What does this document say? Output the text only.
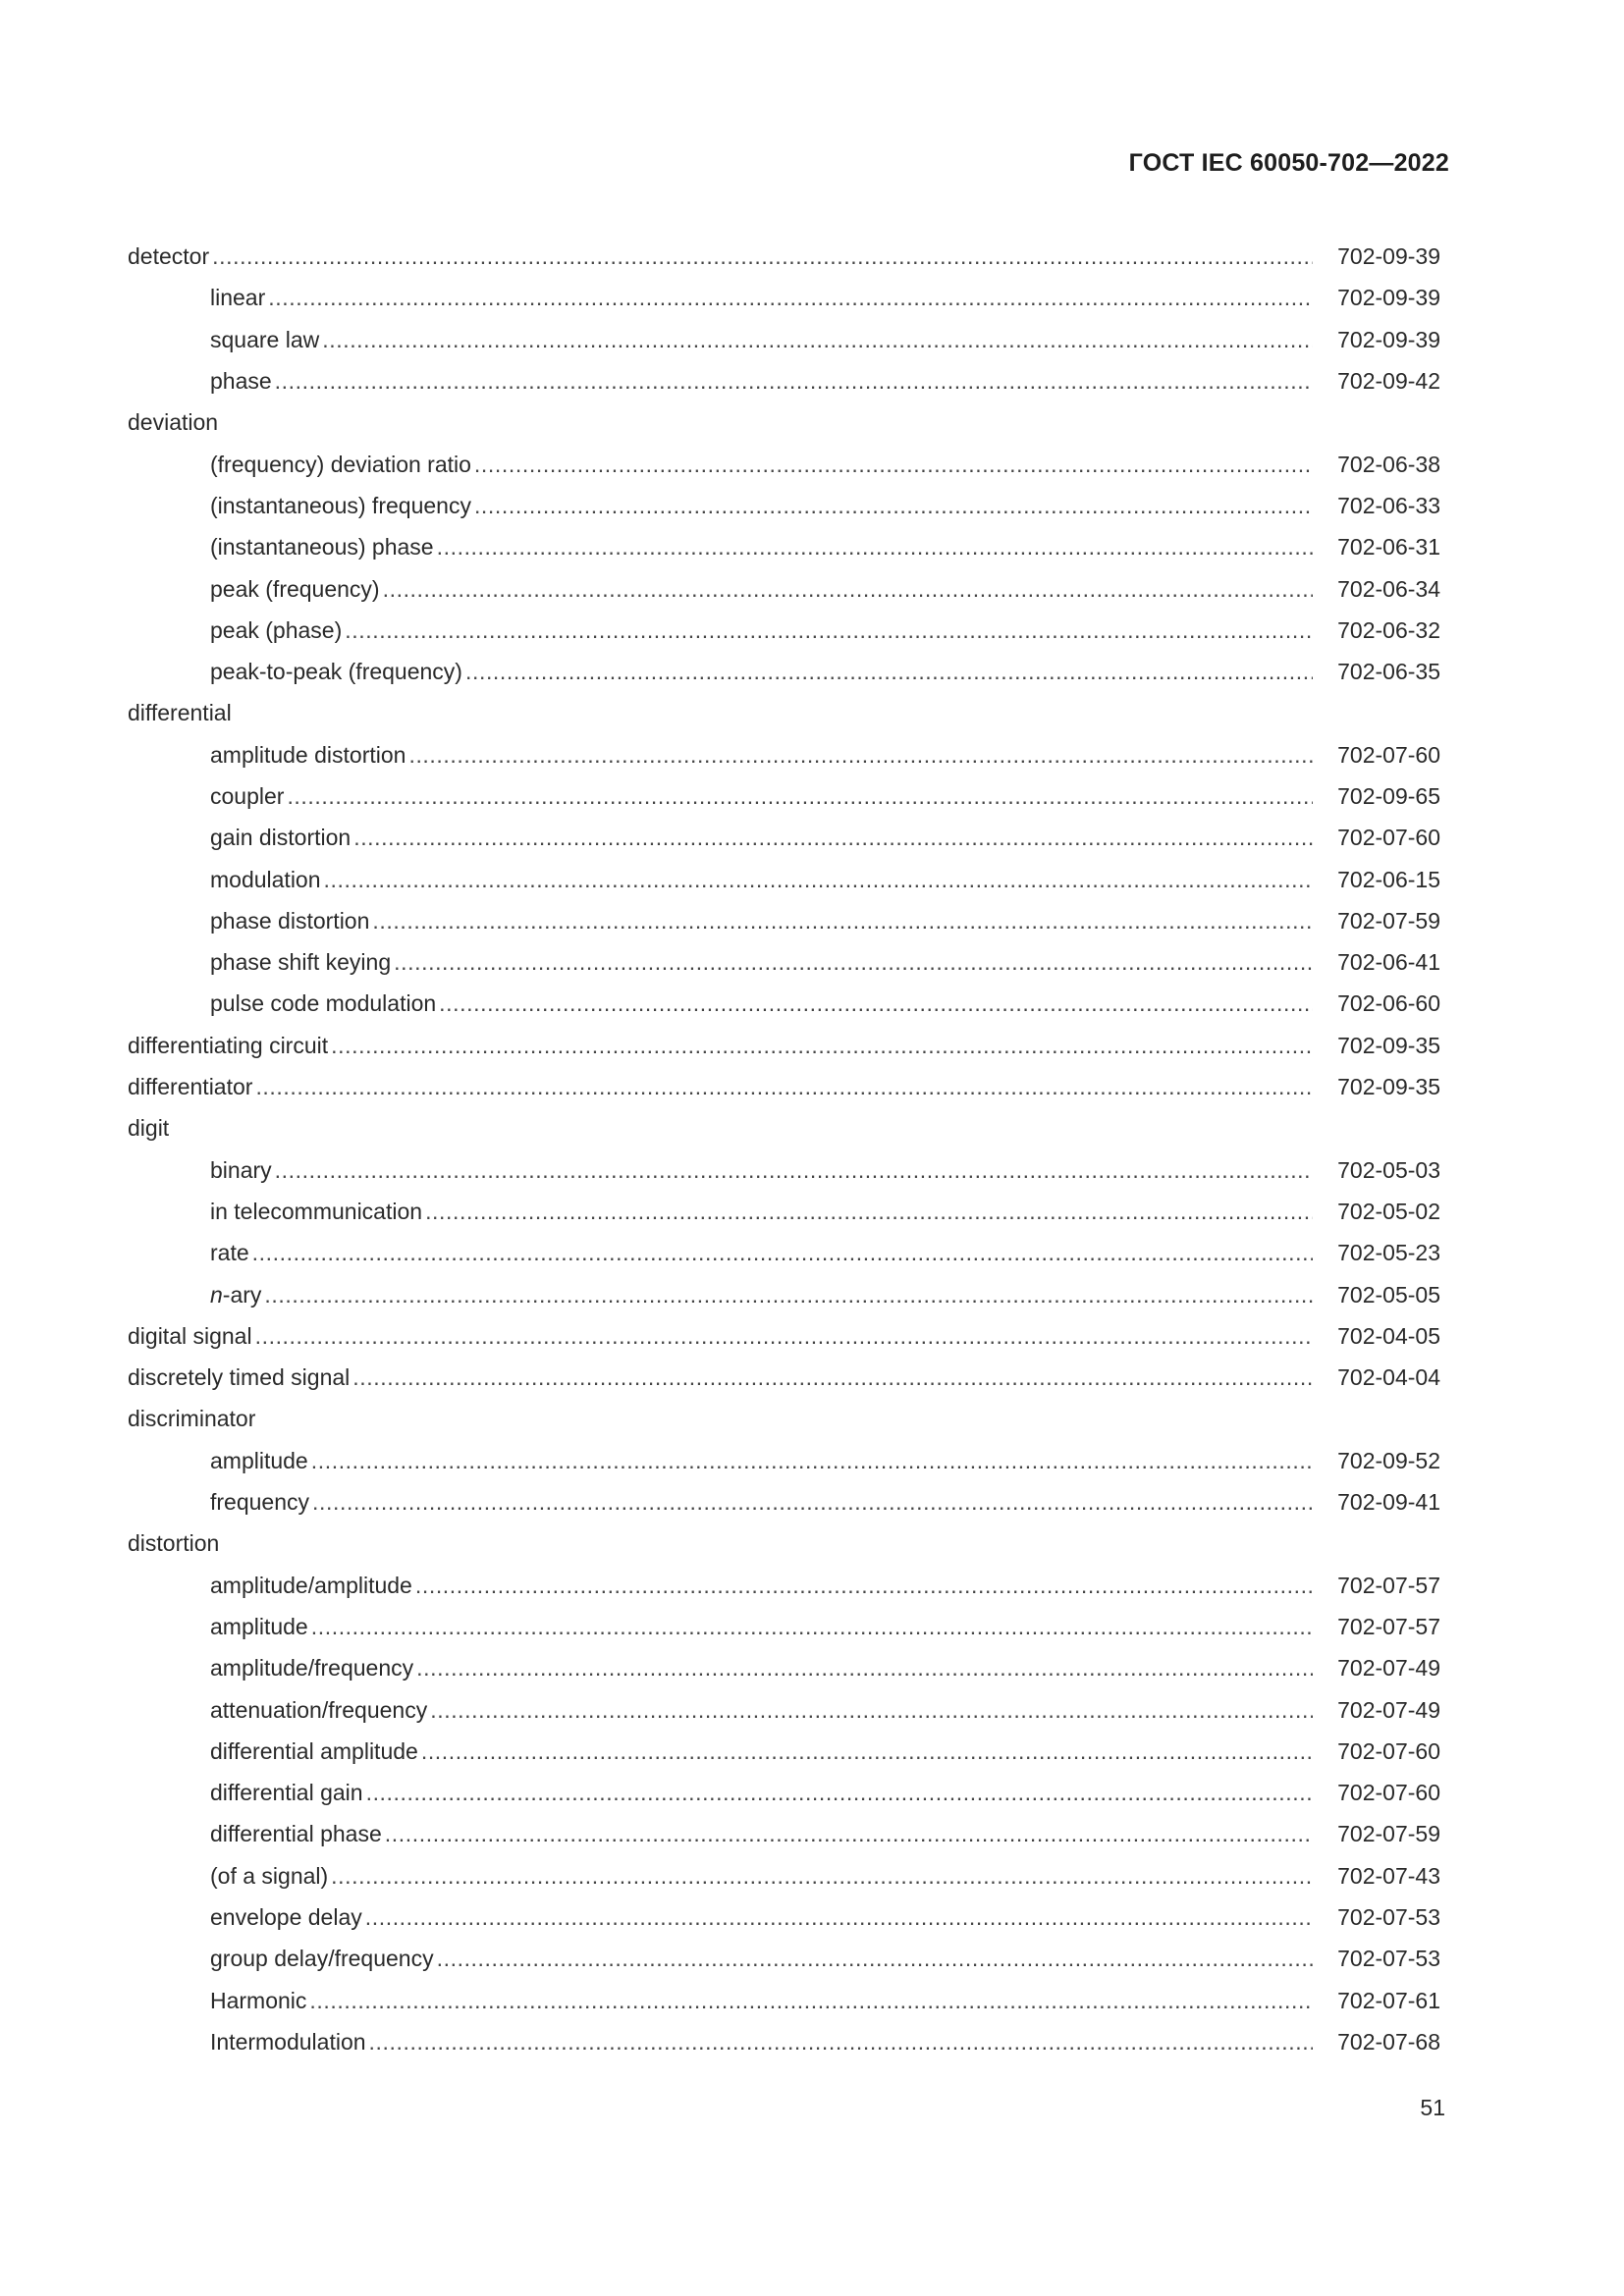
ГОСТ IEC 60050-702—2022
detector .....	702-09-39
linear .....	702-09-39
square law .....	702-09-39
phase .....	702-09-42
deviation
(frequency) deviation ratio .....	702-06-38
(instantaneous) frequency .....	702-06-33
(instantaneous) phase .....	702-06-31
peak (frequency) .....	702-06-34
peak (phase) .....	702-06-32
peak-to-peak (frequency) .....	702-06-35
differential
amplitude distortion .....	702-07-60
coupler .....	702-09-65
gain distortion .....	702-07-60
modulation .....	702-06-15
phase distortion .....	702-07-59
phase shift keying .....	702-06-41
pulse code modulation .....	702-06-60
differentiating circuit .....	702-09-35
differentiator .....	702-09-35
digit
binary .....	702-05-03
in telecommunication .....	702-05-02
rate .....	702-05-23
n-ary .....	702-05-05
digital signal .....	702-04-05
discretely timed signal .....	702-04-04
discriminator
amplitude .....	702-09-52
frequency .....	702-09-41
distortion
amplitude/amplitude .....	702-07-57
amplitude .....	702-07-57
amplitude/frequency .....	702-07-49
attenuation/frequency .....	702-07-49
differential amplitude .....	702-07-60
differential gain .....	702-07-60
differential phase .....	702-07-59
(of a signal) .....	702-07-43
envelope delay .....	702-07-53
group delay/frequency .....	702-07-53
Harmonic .....	702-07-61
Intermodulation .....	702-07-68
51
